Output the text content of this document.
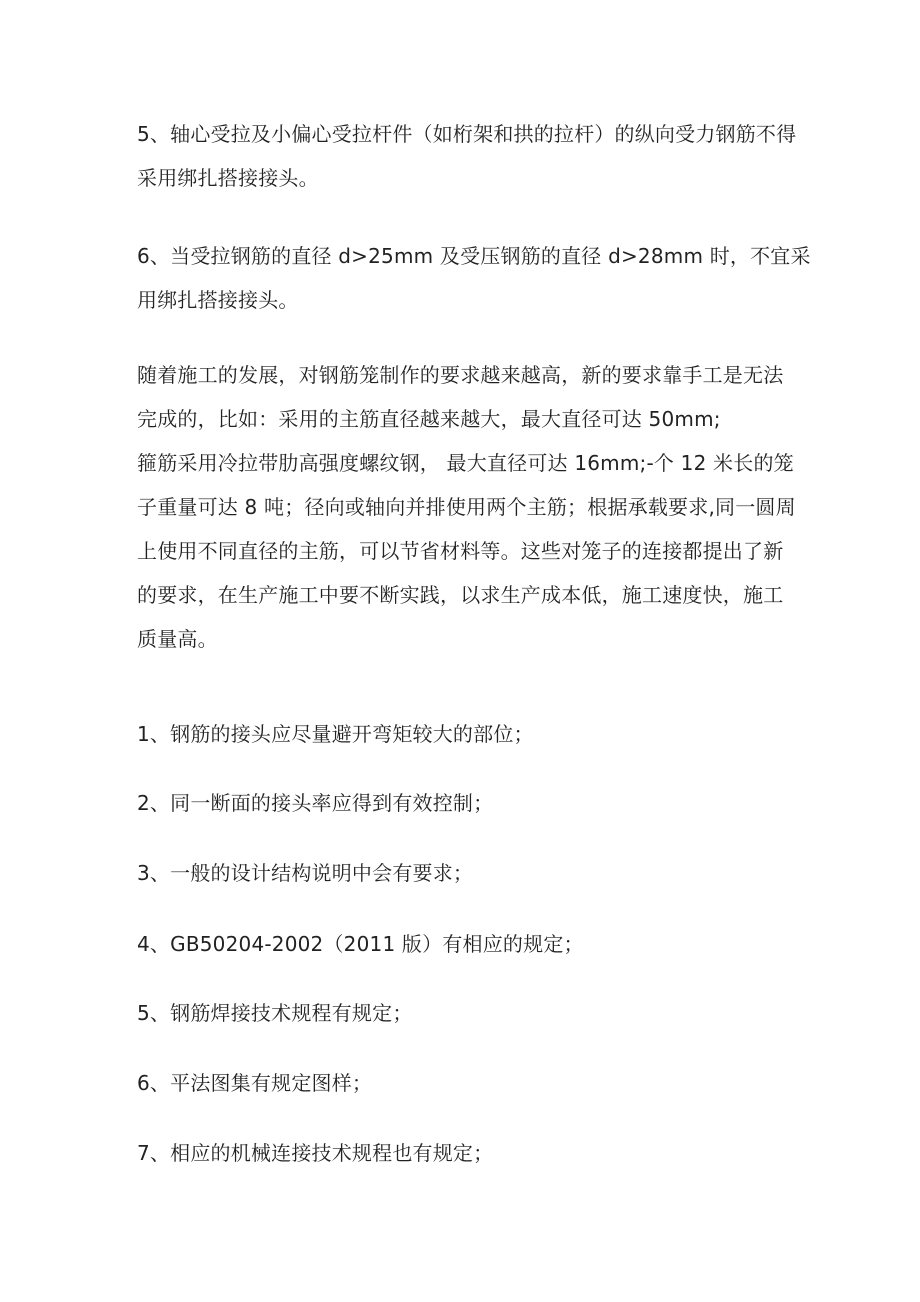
5、轴心受拉及小偏心受拉杆件（如桁架和拱的拉杆）的纵向受力钢筋不得
采用绑扎搭接接头。

6、当受拉钢筋的直径 d>25mm 及受压钢筋的直径 d>28mm 时，不宜采
用绑扎搭接接头。

随着施工的发展，对钢筋笼制作的要求越来越高，新的要求靠手工是无法
完成的，比如：采用的主筋直径越来越大，最大直径可达 50mm;
箍筋采用冷拉带肋高强度螺纹钢， 最大直径可达 16mm;-个 12 米长的笼
子重量可达 8 吨；径向或轴向并排使用两个主筋；根据承载要求,同一圆周
上使用不同直径的主筋，可以节省材料等。这些对笼子的连接都提出了新
的要求，在生产施工中要不断实践，以求生产成本低，施工速度快，施工
质量高。

1、钢筋的接头应尽量避开弯矩较大的部位；

2、同一断面的接头率应得到有效控制；

3、一般的设计结构说明中会有要求；

4、GB50204-2002（2011 版）有相应的规定；

5、钢筋焊接技术规程有规定；

6、平法图集有规定图样；

7、相应的机械连接技术规程也有规定；
